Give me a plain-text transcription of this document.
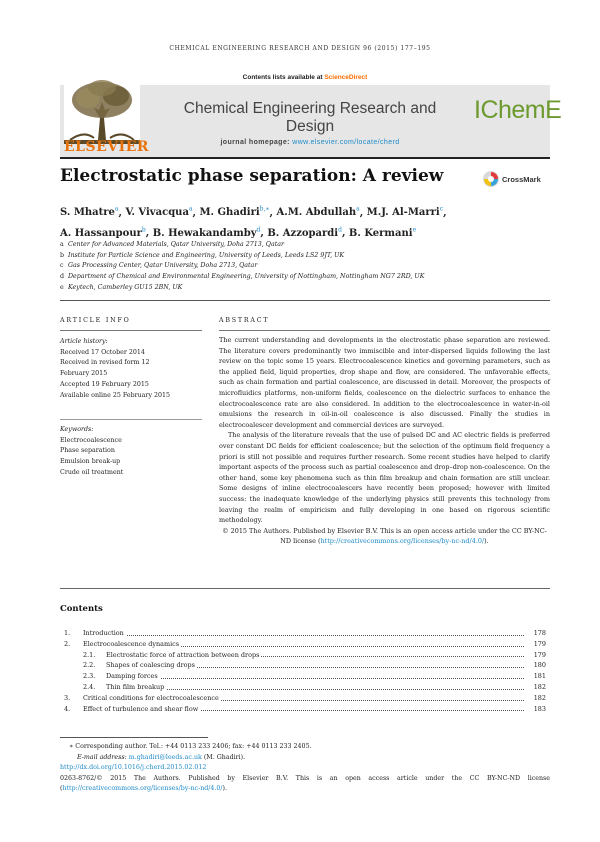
CHEMICAL ENGINEERING RESEARCH AND DESIGN 96 (2015) 177–195
ELSEVIER
Contents lists available at ScienceDirect
Chemical Engineering Research and Design
journal homepage: www.elsevier.com/locate/cherd
IChemE
Electrostatic phase separation: A review	CrossMark
S. Mhatre$^a$, V. Vivacqua$^a$, M. Ghadiri$^{b,∗}$, A.M. Abdullah$^a$, M.J. Al-Marri$^c$,
A. Hassanpour$^b$, B. Hewakandamby$^d$, B. Azzopardi$^d$, B. Kermani$^e$
a Center for Advanced Materials, Qatar University, Doha 2713, Qatar
b Institute for Particle Science and Engineering, University of Leeds, Leeds LS2 9JT, UK
c Gas Processing Center, Qatar University, Doha 2713, Qatar
d Department of Chemical and Environmental Engineering, University of Nottingham, Nottingham NG7 2RD, UK
e Keytech, Camberley GU15 2BN, UK
ARTICLE INFO	ABSTRACT
Article history:
Received 17 October 2014
Received in revised form 12
February 2015
Accepted 19 February 2015
Available online 25 February 2015
Keywords:
Electrocoalescence
Phase separation
Emulsion break-up
Crude oil treatment

The current understanding and developments in the electrostatic phase separation are reviewed. The literature covers predominantly two immiscible and inter-dispersed liquids following the last review on the topic some 15 years. Electrocoalescence kinetics and governing parameters, such as the applied field, liquid properties, drop shape and flow, are considered. The unfavorable effects, such as chain formation and partial coalescence, are discussed in detail. Moreover, the prospects of microfluidics platforms, non-uniform fields, coalescence on the dielectric surfaces to enhance the electrocoalescence rate are also considered. In addition to the electrocoalescence in water-in-oil emulsions the research in oil-in-oil coalescence is also discussed. Finally the studies in electrocoalescer development and commercial devices are surveyed.

The analysis of the literature reveals that the use of pulsed DC and AC electric fields is preferred over constant DC fields for efficient coalescence; but the selection of the optimum field frequency a priori is still not possible and requires further research. Some recent studies have helped to clarify important aspects of the process such as partial coalescence and drop–drop non-coalescence. On the other hand, some key phenomena such as thin film breakup and chain formation are still unclear. Some designs of inline electrocoalescers have recently been proposed; however with limited success: the inadequate knowledge of the underlying physics still prevents this technology from leaving the realm of empiricism and fully developing in one based on rigorous scientific methodology.

© 2015 The Authors. Published by Elsevier B.V. This is an open access article under the CC BY-NC-ND license (http://creativecommons.org/licenses/by-nc-nd/4.0/).

Contents
1. Introduction	178
2. Electrocoalescence dynamics	179
2.1. Electrostatic force of attraction between drops	179
2.2. Shapes of coalescing drops	180
2.3. Damping forces	181
2.4. Thin film breakup	182
3. Critical conditions for electrocoalescence	182
4. Effect of turbulence and shear flow	183
∗ Corresponding author. Tel.: +44 0113 233 2406; fax: +44 0113 233 2405.
E-mail address: m.ghadiri@leeds.ac.uk (M. Ghadiri).
http://dx.doi.org/10.1016/j.cherd.2015.02.012
0263-8762/© 2015 The Authors. Published by Elsevier B.V. This is an open access article under the CC BY-NC-ND license (http://creativecommons.org/licenses/by-nc-nd/4.0/).
